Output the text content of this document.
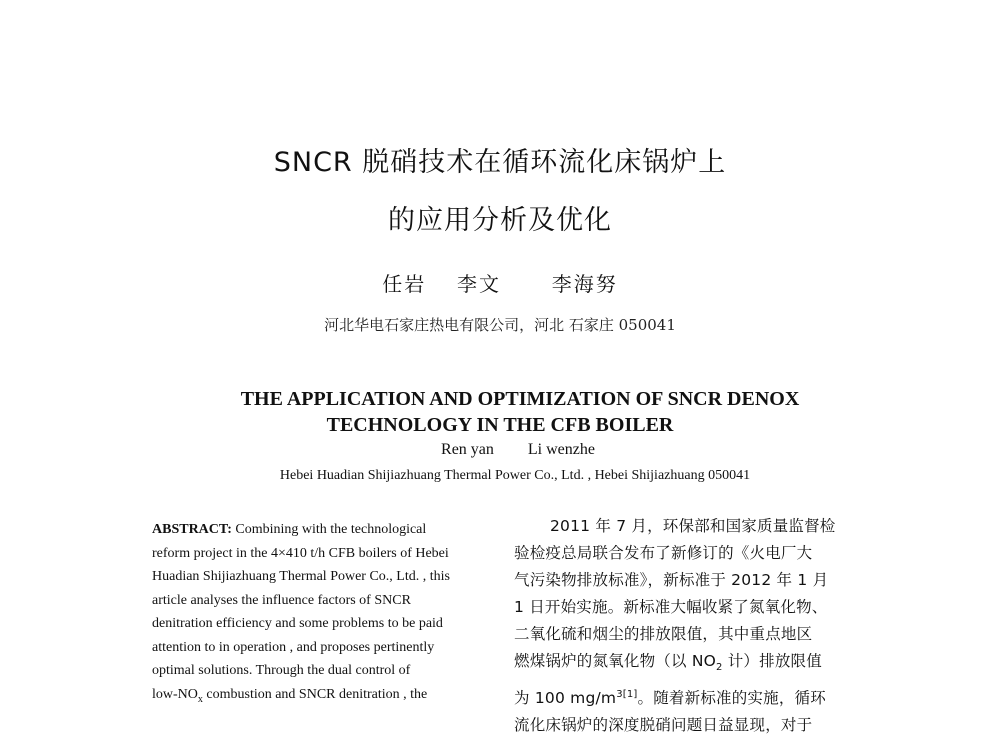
SNCR 脱硝技术在循环流化床锅炉上
的应用分析及优化
任岩 李文	李海努
河北华电石家庄热电有限公司，河北 石家庄 050041
THE APPLICATION AND OPTIMIZATION OF SNCR DENOX
TECHNOLOGY IN THE CFB BOILER
Ren yan Li wenzhe
Hebei Huadian Shijiazhuang Thermal Power Co., Ltd. , Hebei Shijiazhuang 050041
ABSTRACT: Combining with the technological
reform project in the 4×410 t/h CFB boilers of Hebei
Huadian Shijiazhuang Thermal Power Co., Ltd. , this
article analyses the influence factors of SNCR
denitration efficiency and some problems to be paid
attention to in operation , and proposes pertinently
optimal solutions. Through the dual control of
low-$NO_x$ combustion and SNCR denitration , the
2011 年 7 月，环保部和国家质量监督检
验检疫总局联合发布了新修订的《火电厂大
气污染物排放标准》，新标准于 2012 年 1 月
1 日开始实施。新标准大幅收紧了氮氧化物、
二氧化硫和烟尘的排放限值，其中重点地区
燃煤锅炉的氮氧化物（以 $NO_2$ 计）排放限值
为 100 $mg/m^{3[1]}$。随着新标准的实施，循环
流化床锅炉的深度脱硝问题日益显现，对于
